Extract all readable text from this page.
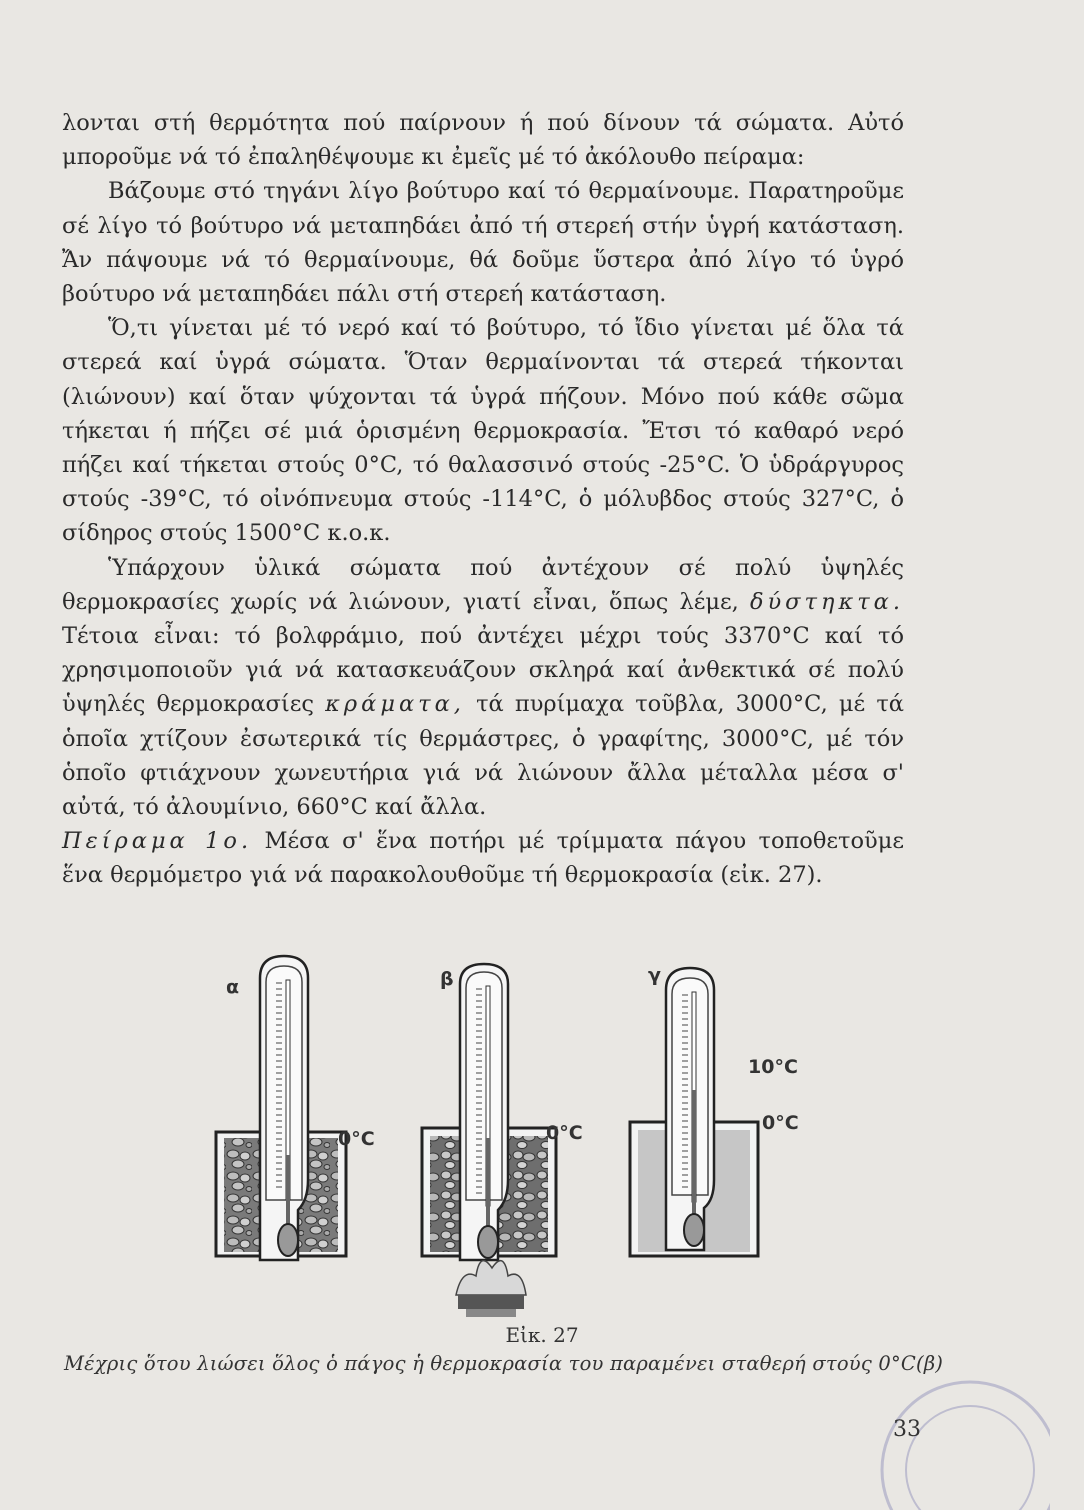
λονται στή θερμότητα πού παίρνουν ή πού δίνουν τά σώματα. Αὐτό μποροῦμε νά τό ἐπαληθέψουμε κι ἐμεῖς μέ τό ἀκόλουθο πείραμα:

Βάζουμε στό τηγάνι λίγο βούτυρο καί τό θερμαίνουμε. Παρατηροῦμε σέ λίγο τό βούτυρο νά μεταπηδάει ἀπό τή στερεή στήν ὑγρή κατάσταση. Ἄν πάψουμε νά τό θερμαίνουμε, θά δοῦμε ὕστερα ἀπό λίγο τό ὑγρό βούτυρο νά μεταπηδάει πάλι στή στερεή κατάσταση.

Ὅ,τι γίνεται μέ τό νερό καί τό βούτυρο, τό ἴδιο γίνεται μέ ὅλα τά στερεά καί ὑγρά σώματα. Ὅταν θερμαίνονται τά στερεά τήκονται (λιώνουν) καί ὅταν ψύχονται τά ὑγρά πήζουν. Μόνο πού κάθε σῶμα τήκεται ή πήζει σέ μιά ὁρισμένη θερμοκρασία. Ἔτσι τό καθαρό νερό πήζει καί τήκεται στούς 0°C, τό θαλασσινό στούς -25°C. Ὁ ὑδράργυρος στούς -39°C, τό οἰνόπνευμα στούς -114°C, ὁ μόλυβδος στούς 327°C, ὁ σίδηρος στούς 1500°C κ.ο.κ.

Ὑπάρχουν ὑλικά σώματα πού ἀντέχουν σέ πολύ ὑψηλές θερμοκρασίες χωρίς νά λιώνουν, γιατί εἶναι, ὅπως λέμε, δύστηκτα. Τέτοια εἶναι: τό βολφράμιο, πού ἀντέχει μέχρι τούς 3370°C καί τό χρησιμοποιοῦν γιά νά κατασκευάζουν σκληρά καί ἀνθεκτικά σέ πολύ ὑψηλές θερμοκρασίες κράματα, τά πυρίμαχα τοῦβλα, 3000°C, μέ τά ὁποῖα χτίζουν ἐσωτερικά τίς θερμάστρες, ὁ γραφίτης, 3000°C, μέ τόν ὁποῖο φτιάχνουν χωνευτήρια γιά νά λιώνουν ἄλλα μέταλλα μέσα σ' αὐτά, τό ἀλουμίνιο, 660°C καί ἄλλα.

Πείραμα 1ο. Μέσα σ' ἕνα ποτήρι μέ τρίμματα πάγου τοποθετοῦμε ἕνα θερμόμετρο γιά νά παρακολουθοῦμε τή θερμοκρασία (εἰκ. 27).

α	β	γ
0°C	0°C
10°C
0°C
Εἰκ. 27
Μέχρις ὅτου λιώσει ὅλος ὁ πάγος ἡ θερμοκρασία του παραμένει σταθερή στούς 0°C(β)
33
